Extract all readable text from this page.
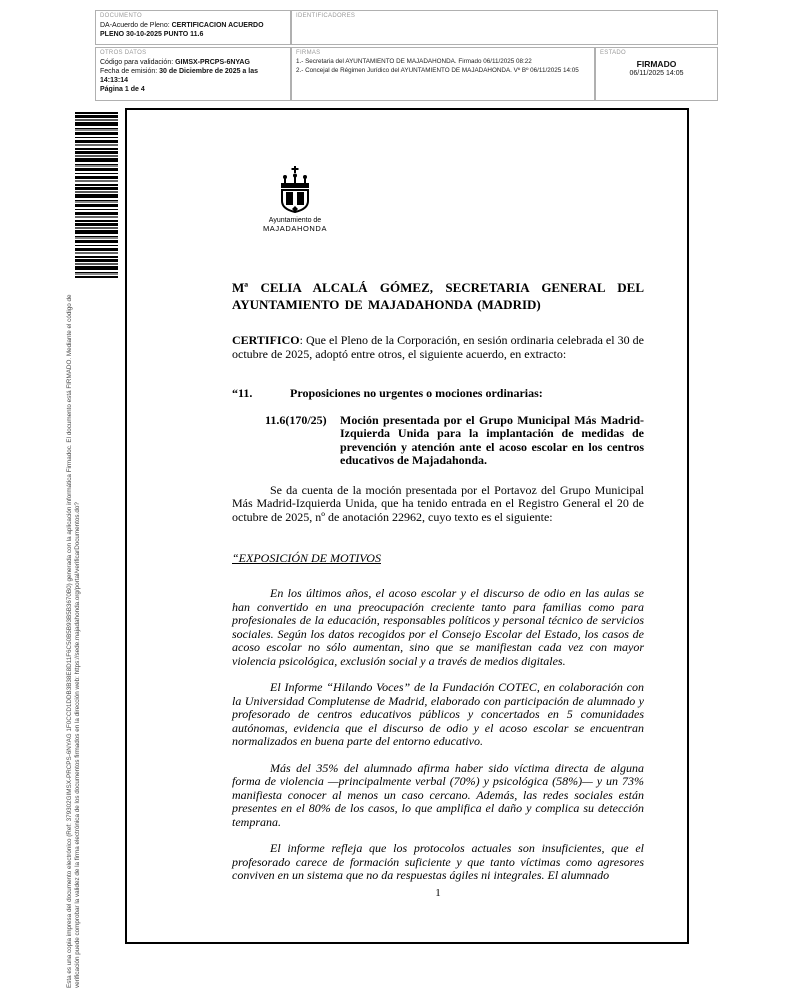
DOCUMENTO
DA-Acuerdo de Pleno: CERTIFICACION ACUERDO PLENO 30-10-2025 PUNTO 11.6
IDENTIFICADORES
OTROS DATOS
Código para validación: GIMSX-PRCPS-6NYAG
Fecha de emisión: 30 de Diciembre de 2025 a las 14:13:14
Página 1 de 4
FIRMAS
1.- Secretaria del AYUNTAMIENTO DE MAJADAHONDA. Firmado 06/11/2025 08:22
2.- Concejal de Régimen Jurídico del AYUNTAMIENTO DE MAJADAHONDA. Vº Bº 06/11/2025 14:05
ESTADO
FIRMADO
06/11/2025 14:05
Esta es una copia impresa del documento electrónico (Ref: 379302GIMSX-PRCPS-6NYAG 1F0CCD1DDB3B38E8D11F6C50B5B93B5B3670B0) generada con la aplicación informática Firmadoc. El documento está FIRMADO. Mediante el código de verificación puede comprobar la validez de la firma electrónica de los documentos firmados en la dirección web: https://sede.majadahonda.org/portal/verificarDocumentos.do?
Ayuntamiento de
MAJADAHONDA
Mª CELIA ALCALÁ GÓMEZ, SECRETARIA GENERAL DEL AYUNTAMIENTO DE MAJADAHONDA (MADRID)
CERTIFICO: Que el Pleno de la Corporación, en sesión ordinaria celebrada el 30 de octubre de 2025, adoptó entre otros, el siguiente acuerdo, en extracto:
“11.	Proposiciones no urgentes o mociones ordinarias:
11.6(170/25)	Moción presentada por el Grupo Municipal Más Madrid-Izquierda Unida para la implantación de medidas de prevención y atención ante el acoso escolar en los centros educativos de Majadahonda.
Se da cuenta de la moción presentada por el Portavoz del Grupo Municipal Más Madrid-Izquierda Unida, que ha tenido entrada en el Registro General el 20 de octubre de 2025, nº de anotación 22962, cuyo texto es el siguiente:
“EXPOSICIÓN DE MOTIVOS
En los últimos años, el acoso escolar y el discurso de odio en las aulas se han convertido en una preocupación creciente tanto para familias como para profesionales de la educación, responsables políticos y personal técnico de servicios sociales. Según los datos recogidos por el Consejo Escolar del Estado, los casos de acoso escolar no sólo aumentan, sino que se manifiestan cada vez con mayor violencia psicológica, exclusión social y a través de medios digitales.
El Informe “Hilando Voces” de la Fundación COTEC, en colaboración con la Universidad Complutense de Madrid, elaborado con participación de alumnado y profesorado de centros educativos públicos y concertados en 5 comunidades autónomas, evidencia que el discurso de odio y el acoso escolar se encuentran normalizados en buena parte del entorno educativo.
Más del 35% del alumnado afirma haber sido víctima directa de alguna forma de violencia —principalmente verbal (70%) y psicológica (58%)— y un 73% manifiesta conocer al menos un caso cercano. Además, las redes sociales están presentes en el 80% de los casos, lo que amplifica el daño y complica su detección temprana.
El informe refleja que los protocolos actuales son insuficientes, que el profesorado carece de formación suficiente y que tanto víctimas como agresores conviven en un sistema que no da respuestas ágiles ni integrales. El alumnado
1
